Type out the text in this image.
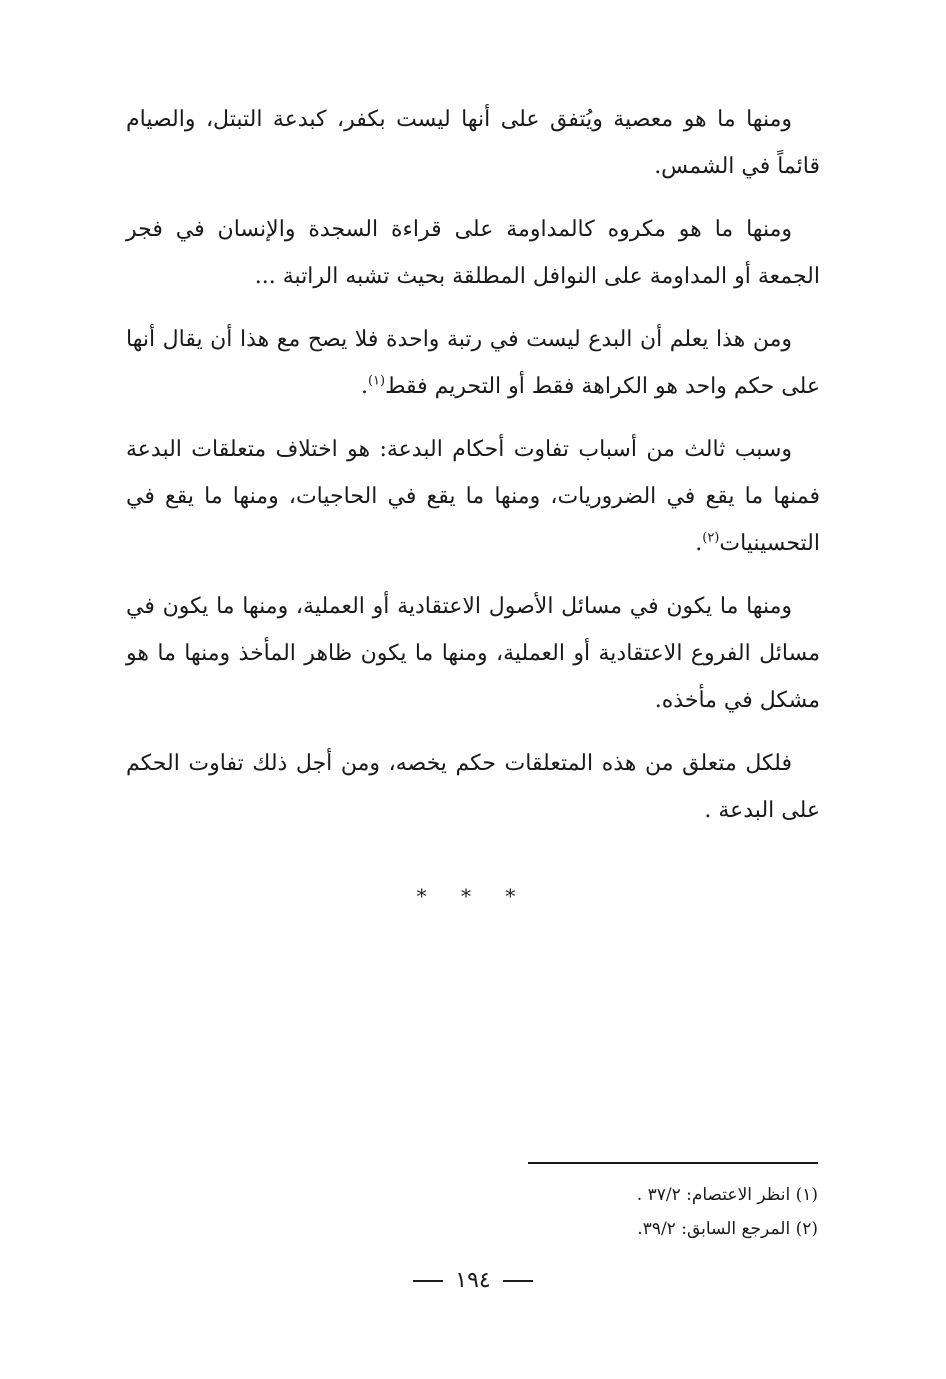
ومنها ما هو معصية ويُتفق على أنها ليست بكفر، كبدعة التبتل، والصيام قائماً في الشمس.

ومنها ما هو مكروه كالمداومة على قراءة السجدة والإنسان في فجر الجمعة أو المداومة على النوافل المطلقة بحيث تشبه الراتبة ...

ومن هذا يعلم أن البدع ليست في رتبة واحدة فلا يصح مع هذا أن يقال أنها على حكم واحد هو الكراهة فقط أو التحريم فقط$^{(١)}$.

وسبب ثالث من أسباب تفاوت أحكام البدعة: هو اختلاف متعلقات البدعة فمنها ما يقع في الضروريات، ومنها ما يقع في الحاجيات، ومنها ما يقع في التحسينيات$^{(٢)}$.

ومنها ما يكون في مسائل الأصول الاعتقادية أو العملية، ومنها ما يكون في مسائل الفروع الاعتقادية أو العملية، ومنها ما يكون ظاهر المأخذ ومنها ما هو مشكل في مأخذه.

فلكل متعلق من هذه المتعلقات حكم يخصه، ومن أجل ذلك تفاوت الحكم على البدعة .

* * *

(١) انظر الاعتصام: ٣٧/٢ .

(٢) المرجع السابق: ٣٩/٢.

١٩٤
